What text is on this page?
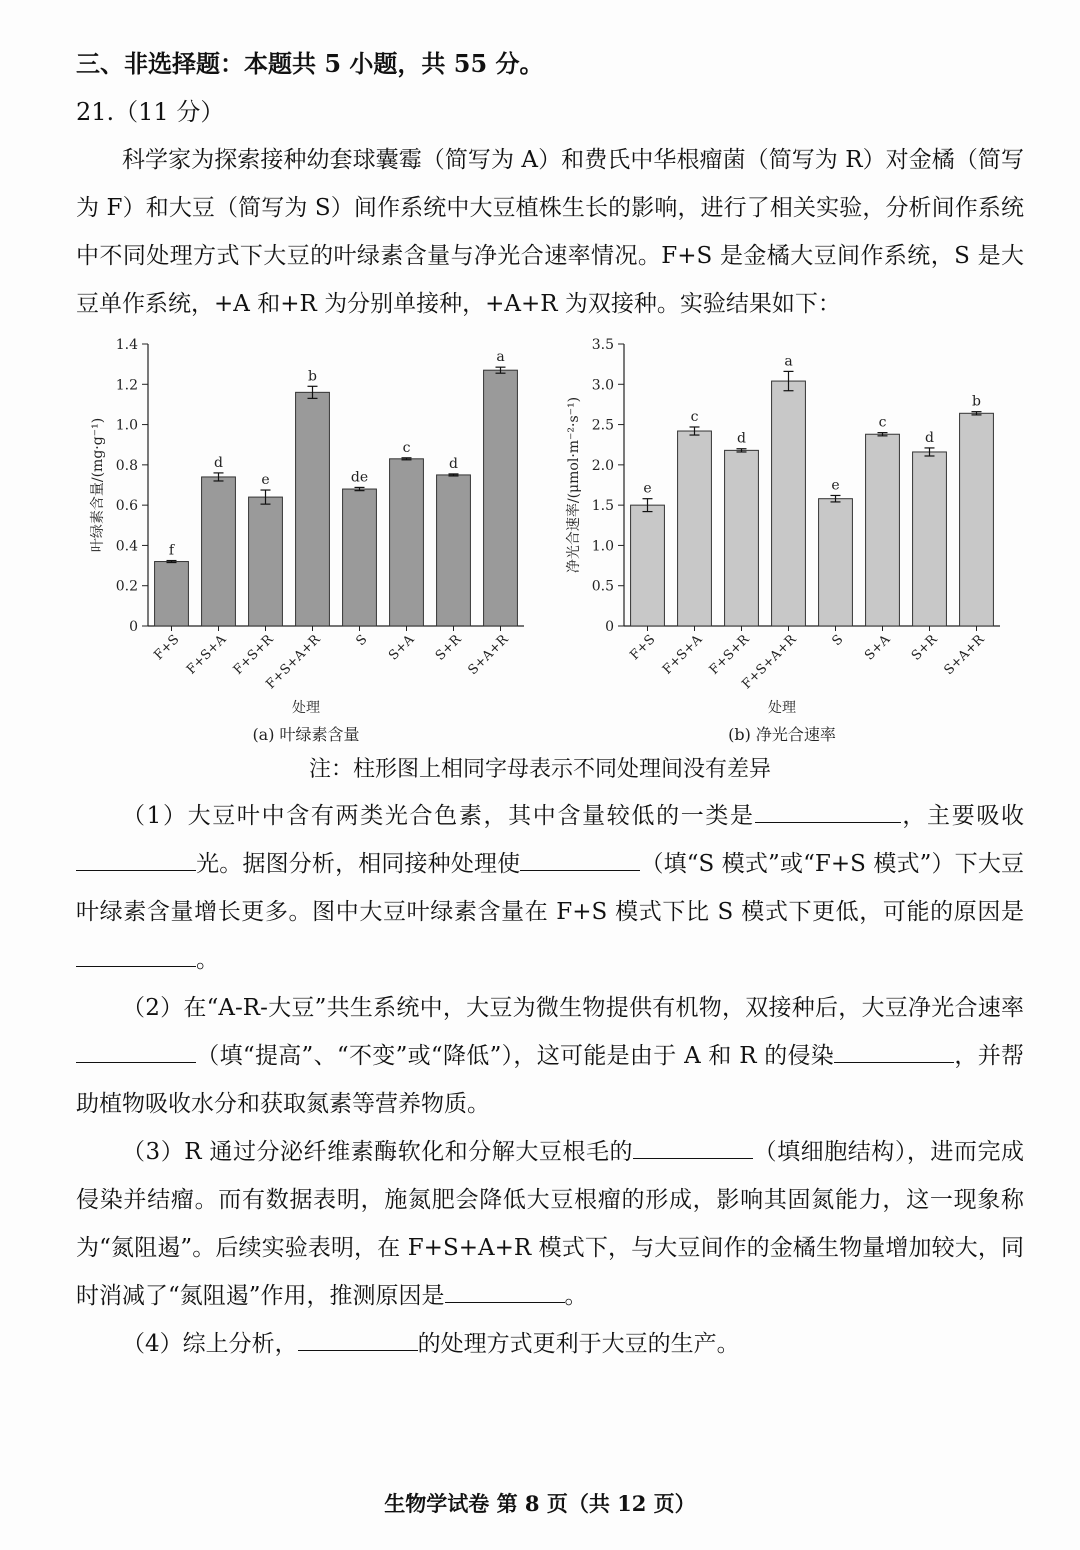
三、非选择题：本题共 5 小题，共 55 分。
21.（11 分）

科学家为探索接种幼套球囊霉（简写为 A）和费氏中华根瘤菌（简写为 R）对金橘（简写为 F）和大豆（简写为 S）间作系统中大豆植株生长的影响，进行了相关实验，分析间作系统中不同处理方式下大豆的叶绿素含量与净光合速率情况。F+S 是金橘大豆间作系统，S 是大豆单作系统，+A 和+R 为分别单接种，+A+R 为双接种。实验结果如下：

0
0.2
0.4
0.6
0.8
1.0
1.2
1.4
叶绿素含量/(mg·g⁻¹)	f
F+S
d
F+S+A
e
F+S+R
b
F+S+A+R
de
S
c
S+A
d
S+R
a
S+A+R
处理
(a) 叶绿素含量
0
0.5
1.0
1.5
2.0
2.5
3.0
3.5
净光合速率/(μmol·m⁻²·s⁻¹)	e
F+S
c
F+S+A
d
F+S+R
a
F+S+A+R
e
S
c
S+A
d
S+R
b
S+A+R
处理
(b) 净光合速率
注：柱形图上相同字母表示不同处理间没有差异

（1）大豆叶中含有两类光合色素，其中含量较低的一类是	，主要吸收光。据图分析，相同接种处理使	（填“S 模式”或“F+S 模式”）下大豆叶绿素含量增长更多。图中大豆叶绿素含量在 F+S 模式下比 S 模式下更低，可能的原因是。

（2）在“A-R-大豆”共生系统中，大豆为微生物提供有机物，双接种后，大豆净光合速率（填“提高”、“不变”或“降低”），这可能是由于 A 和 R 的侵染	，并帮助植物吸收水分和获取氮素等营养物质。

（3）R 通过分泌纤维素酶软化和分解大豆根毛的	（填细胞结构），进而完成侵染并结瘤。而有数据表明，施氮肥会降低大豆根瘤的形成，影响其固氮能力，这一现象称为“氮阻遏”。后续实验表明，在 F+S+A+R 模式下，与大豆间作的金橘生物量增加较大，同时消减了“氮阻遏”作用，推测原因是	。

（4）综上分析，	的处理方式更利于大豆的生产。

生物学试卷 第 8 页（共 12 页）
